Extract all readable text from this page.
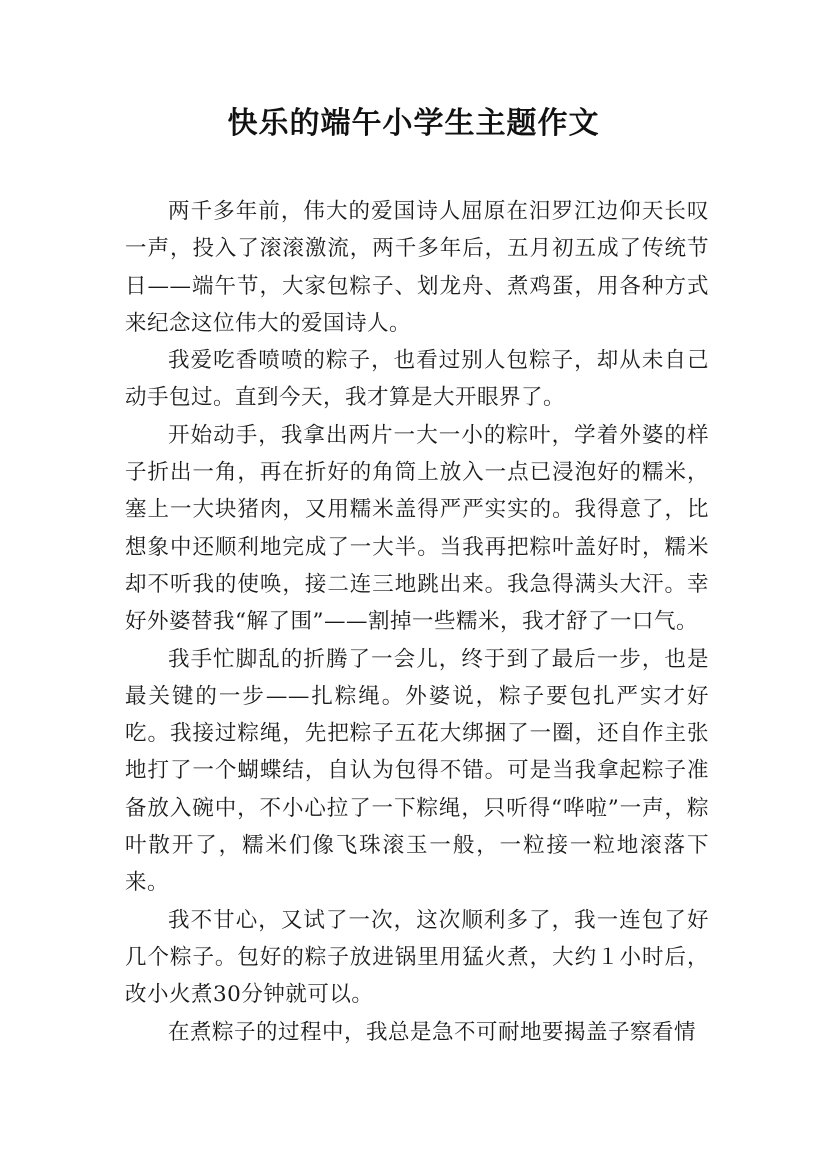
快乐的端午小学生主题作文

两千多年前，伟大的爱国诗人屈原在汨罗江边仰天长叹一声，投入了滚滚激流，两千多年后，五月初五成了传统节日——端午节，大家包粽子、划龙舟、煮鸡蛋，用各种方式来纪念这位伟大的爱国诗人。

我爱吃香喷喷的粽子，也看过别人包粽子，却从未自己动手包过。直到今天，我才算是大开眼界了。

开始动手，我拿出两片一大一小的粽叶，学着外婆的样子折出一角，再在折好的角筒上放入一点已浸泡好的糯米，塞上一大块猪肉，又用糯米盖得严严实实的。我得意了，比想象中还顺利地完成了一大半。当我再把粽叶盖好时，糯米却不听我的使唤，接二连三地跳出来。我急得满头大汗。幸好外婆替我“解了围”——割掉一些糯米，我才舒了一口气。

我手忙脚乱的折腾了一会儿，终于到了最后一步，也是最关键的一步——扎粽绳。外婆说，粽子要包扎严实才好吃。我接过粽绳，先把粽子五花大绑捆了一圈，还自作主张地打了一个蝴蝶结，自认为包得不错。可是当我拿起粽子准备放入碗中，不小心拉了一下粽绳，只听得“哗啦”一声，粽叶散开了，糯米们像飞珠滚玉一般，一粒接一粒地滚落下来。

我不甘心，又试了一次，这次顺利多了，我一连包了好几个粽子。包好的粽子放进锅里用猛火煮，大约１小时后，改小火煮30分钟就可以。

在煮粽子的过程中，我总是急不可耐地要揭盖子察看情
